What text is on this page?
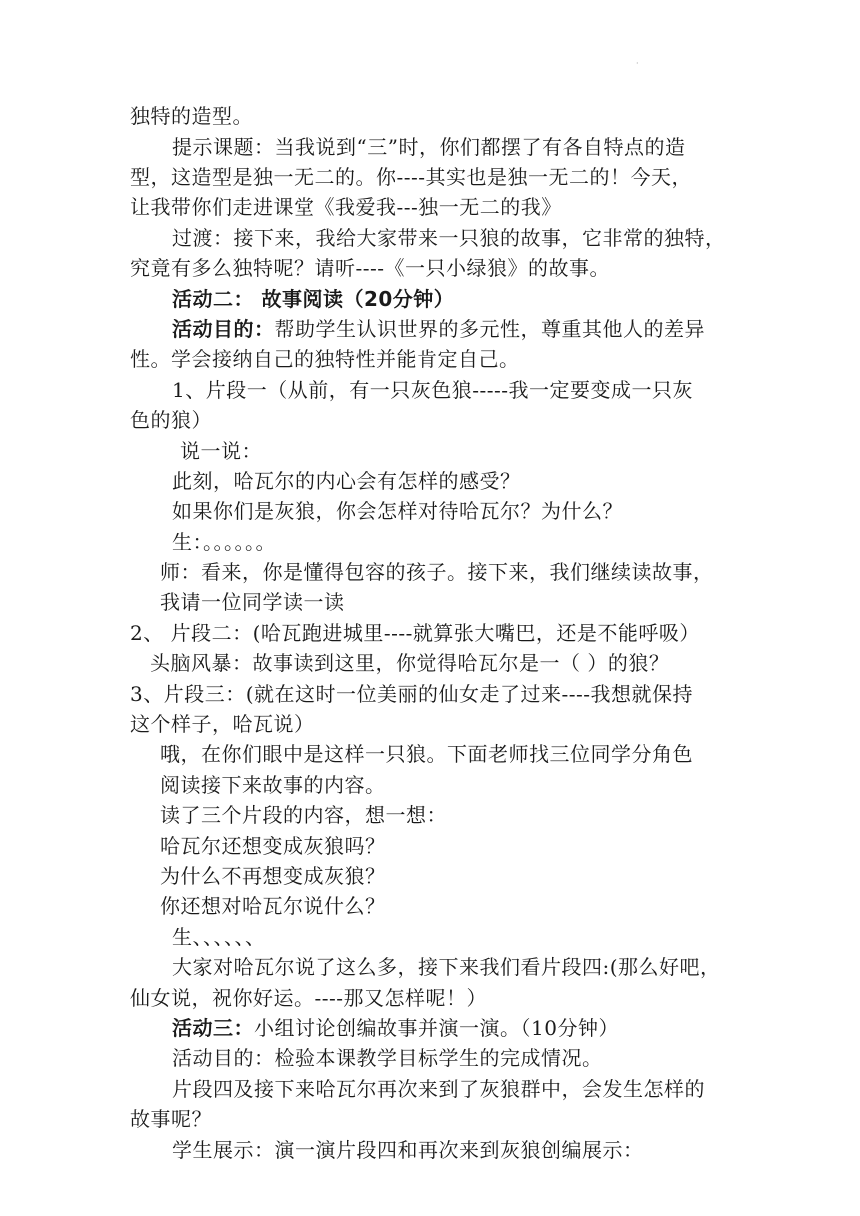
·
独特的造型。
提示课题：当我说到“三”时，你们都摆了有各自特点的造
型，这造型是独一无二的。你----其实也是独一无二的！今天，
让我带你们走进课堂《我爱我---独一无二的我》
过渡：接下来，我给大家带来一只狼的故事，它非常的独特，
究竟有多么独特呢？请听----《一只小绿狼》的故事。
活动二： 故事阅读（20分钟）
活动目的：帮助学生认识世界的多元性，尊重其他人的差异
性。学会接纳自己的独特性并能肯定自己。
1、片段一（从前，有一只灰色狼-----我一定要变成一只灰
色的狼）
说一说：
此刻，哈瓦尔的内心会有怎样的感受？
如果你们是灰狼，你会怎样对待哈瓦尔？为什么？
生：。。。。。。
师：看来，你是懂得包容的孩子。接下来，我们继续读故事，
我请一位同学读一读
2、 片段二：(哈瓦跑进城里----就算张大嘴巴，还是不能呼吸）
头脑风暴：故事读到这里，你觉得哈瓦尔是一（ ）的狼？
3、片段三：(就在这时一位美丽的仙女走了过来----我想就保持
这个样子，哈瓦说）
哦，在你们眼中是这样一只狼。下面老师找三位同学分角色
阅读接下来故事的内容。
读了三个片段的内容，想一想：
哈瓦尔还想变成灰狼吗？
为什么不再想变成灰狼？
你还想对哈瓦尔说什么？
生、、、、、、
大家对哈瓦尔说了这么多，接下来我们看片段四:(那么好吧，
仙女说，祝你好运。----那又怎样呢！）
活动三：小组讨论创编故事并演一演。（10分钟）
活动目的：检验本课教学目标学生的完成情况。
片段四及接下来哈瓦尔再次来到了灰狼群中，会发生怎样的
故事呢？
学生展示：演一演片段四和再次来到灰狼创编展示：
